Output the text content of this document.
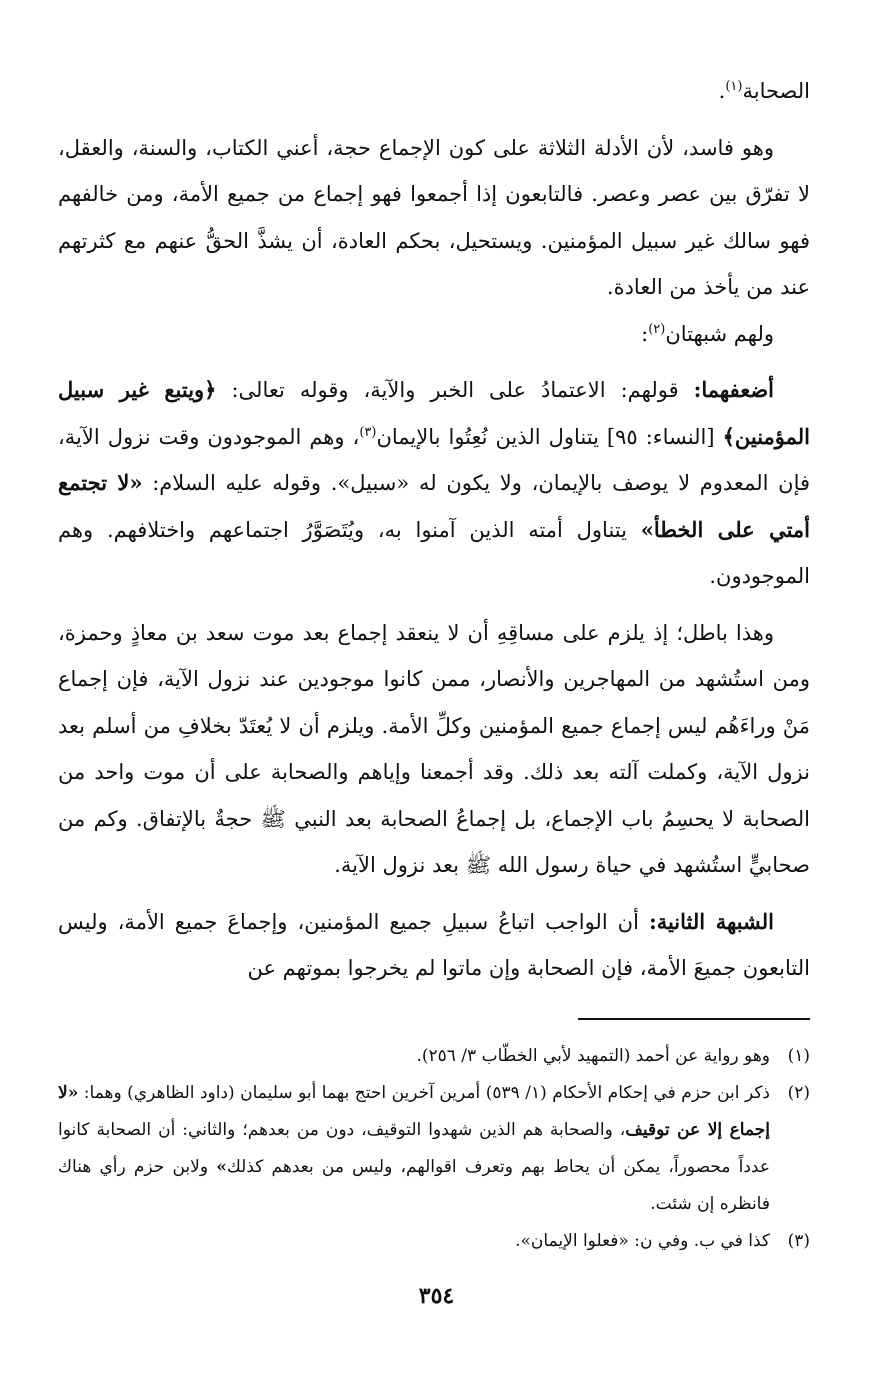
الصحابة$^{(١)}$.

وهو فاسد، لأن الأدلة الثلاثة على كون الإجماع حجة، أعني الكتاب، والسنة، والعقل، لا تفرّق بين عصر وعصر. فالتابعون إذا أجمعوا فهو إجماع من جميع الأمة، ومن خالفهم فهو سالك غير سبيل المؤمنين. ويستحيل، بحكم العادة، أن يشذَّ الحقُّ عنهم مع كثرتهم عند من يأخذ من العادة.

ولهم شبهتان$^{(٢)}$:

أضعفهما: قولهم: الاعتمادُ على الخبر والآية، وقوله تعالى: ﴿ويتبع غير سبيل المؤمنين﴾ [النساء: ٩٥] يتناول الذين نُعِتُوا بالإيمان$^{(٣)}$، وهم الموجودون وقت نزول الآية، فإن المعدوم لا يوصف بالإيمان، ولا يكون له «سبيل». وقوله عليه السلام: «لا تجتمع أمتي على الخطأ» يتناول أمته الذين آمنوا به، ويُتَصَوَّرُ اجتماعهم واختلافهم. وهم الموجودون.

وهذا باطل؛ إذ يلزم على مساقِهِ أن لا ينعقد إجماع بعد موت سعد بن معاذٍ وحمزة، ومن استُشهد من المهاجرين والأنصار، ممن كانوا موجودين عند نزول الآية، فإن إجماع مَنْ وراءَهُم ليس إجماع جميع المؤمنين وكلِّ الأمة. ويلزم أن لا يُعتَدّ بخلافِ من أسلم بعد نزول الآية، وكملت آلته بعد ذلك. وقد أجمعنا وإياهم والصحابة على أن موت واحد من الصحابة لا يحسِمُ باب الإجماع، بل إجماعُ الصحابة بعد النبي ﷺ حجةٌ بالإتفاق. وكم من صحابيٍّ استُشهد في حياة رسول الله ﷺ بعد نزول الآية.

الشبهة الثانية: أن الواجب اتباعُ سبيلِ جميع المؤمنين، وإجماعَ جميع الأمة، وليس التابعون جميعَ الأمة، فإن الصحابة وإن ماتوا لم يخرجوا بموتهم عن

(١)
وهو رواية عن أحمد (التمهيد لأبي الخطّاب ٣/ ٢٥٦).
(٢)
ذكر ابن حزم في إحكام الأحكام (١/ ٥٣٩) أمرين آخرين احتج بهما أبو سليمان (داود الظاهري) وهما: «لا إجماع إلا عن توقيف، والصحابة هم الذين شهدوا التوقيف، دون من بعدهم؛ والثاني: أن الصحابة كانوا عدداً محصوراً، يمكن أن يحاط بهم وتعرف اقوالهم، وليس من بعدهم كذلك» ولابن حزم رأي هناك فانظره إن شئت.
(٣)
كذا في ب. وفي ن: «فعلوا الإيمان».
٣٥٤
